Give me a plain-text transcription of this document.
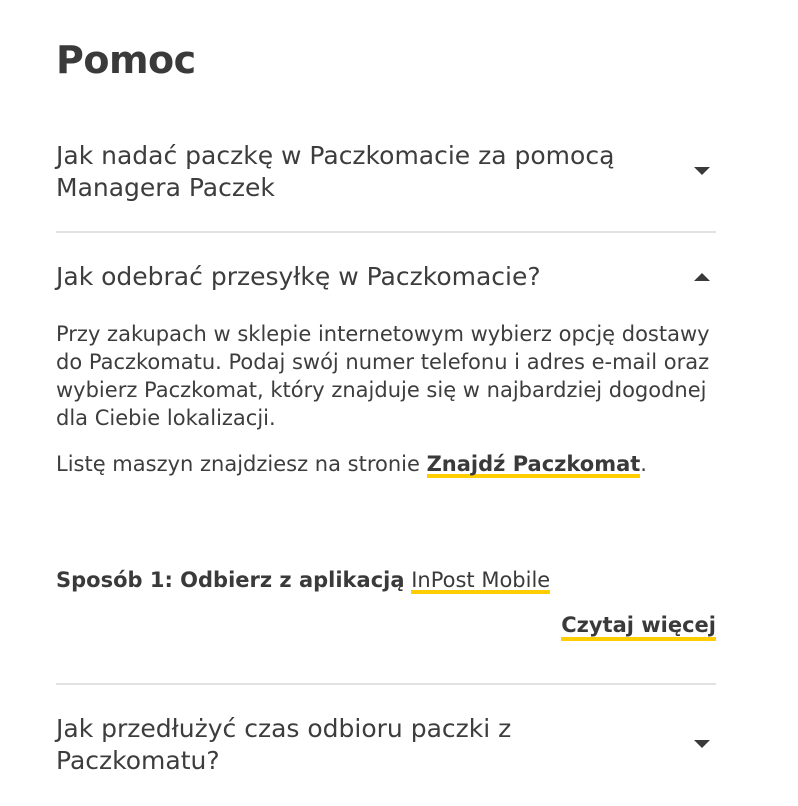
Pomoc
Jak nadać paczkę w Paczkomacie za pomocą Managera Paczek
Jak odebrać przesyłkę w Paczkomacie?

Przy zakupach w sklepie internetowym wybierz opcję dostawy do Paczkomatu. Podaj swój numer telefonu i adres e-mail oraz wybierz Paczkomat, który znajduje się w najbardziej dogodnej dla Ciebie lokalizacji.

Listę maszyn znajdziesz na stronie Znajdź Paczkomat.

Sposób 1: Odbierz z aplikacją InPost Mobile
Czytaj więcej
Jak przedłużyć czas odbioru paczki z Paczkomatu?
